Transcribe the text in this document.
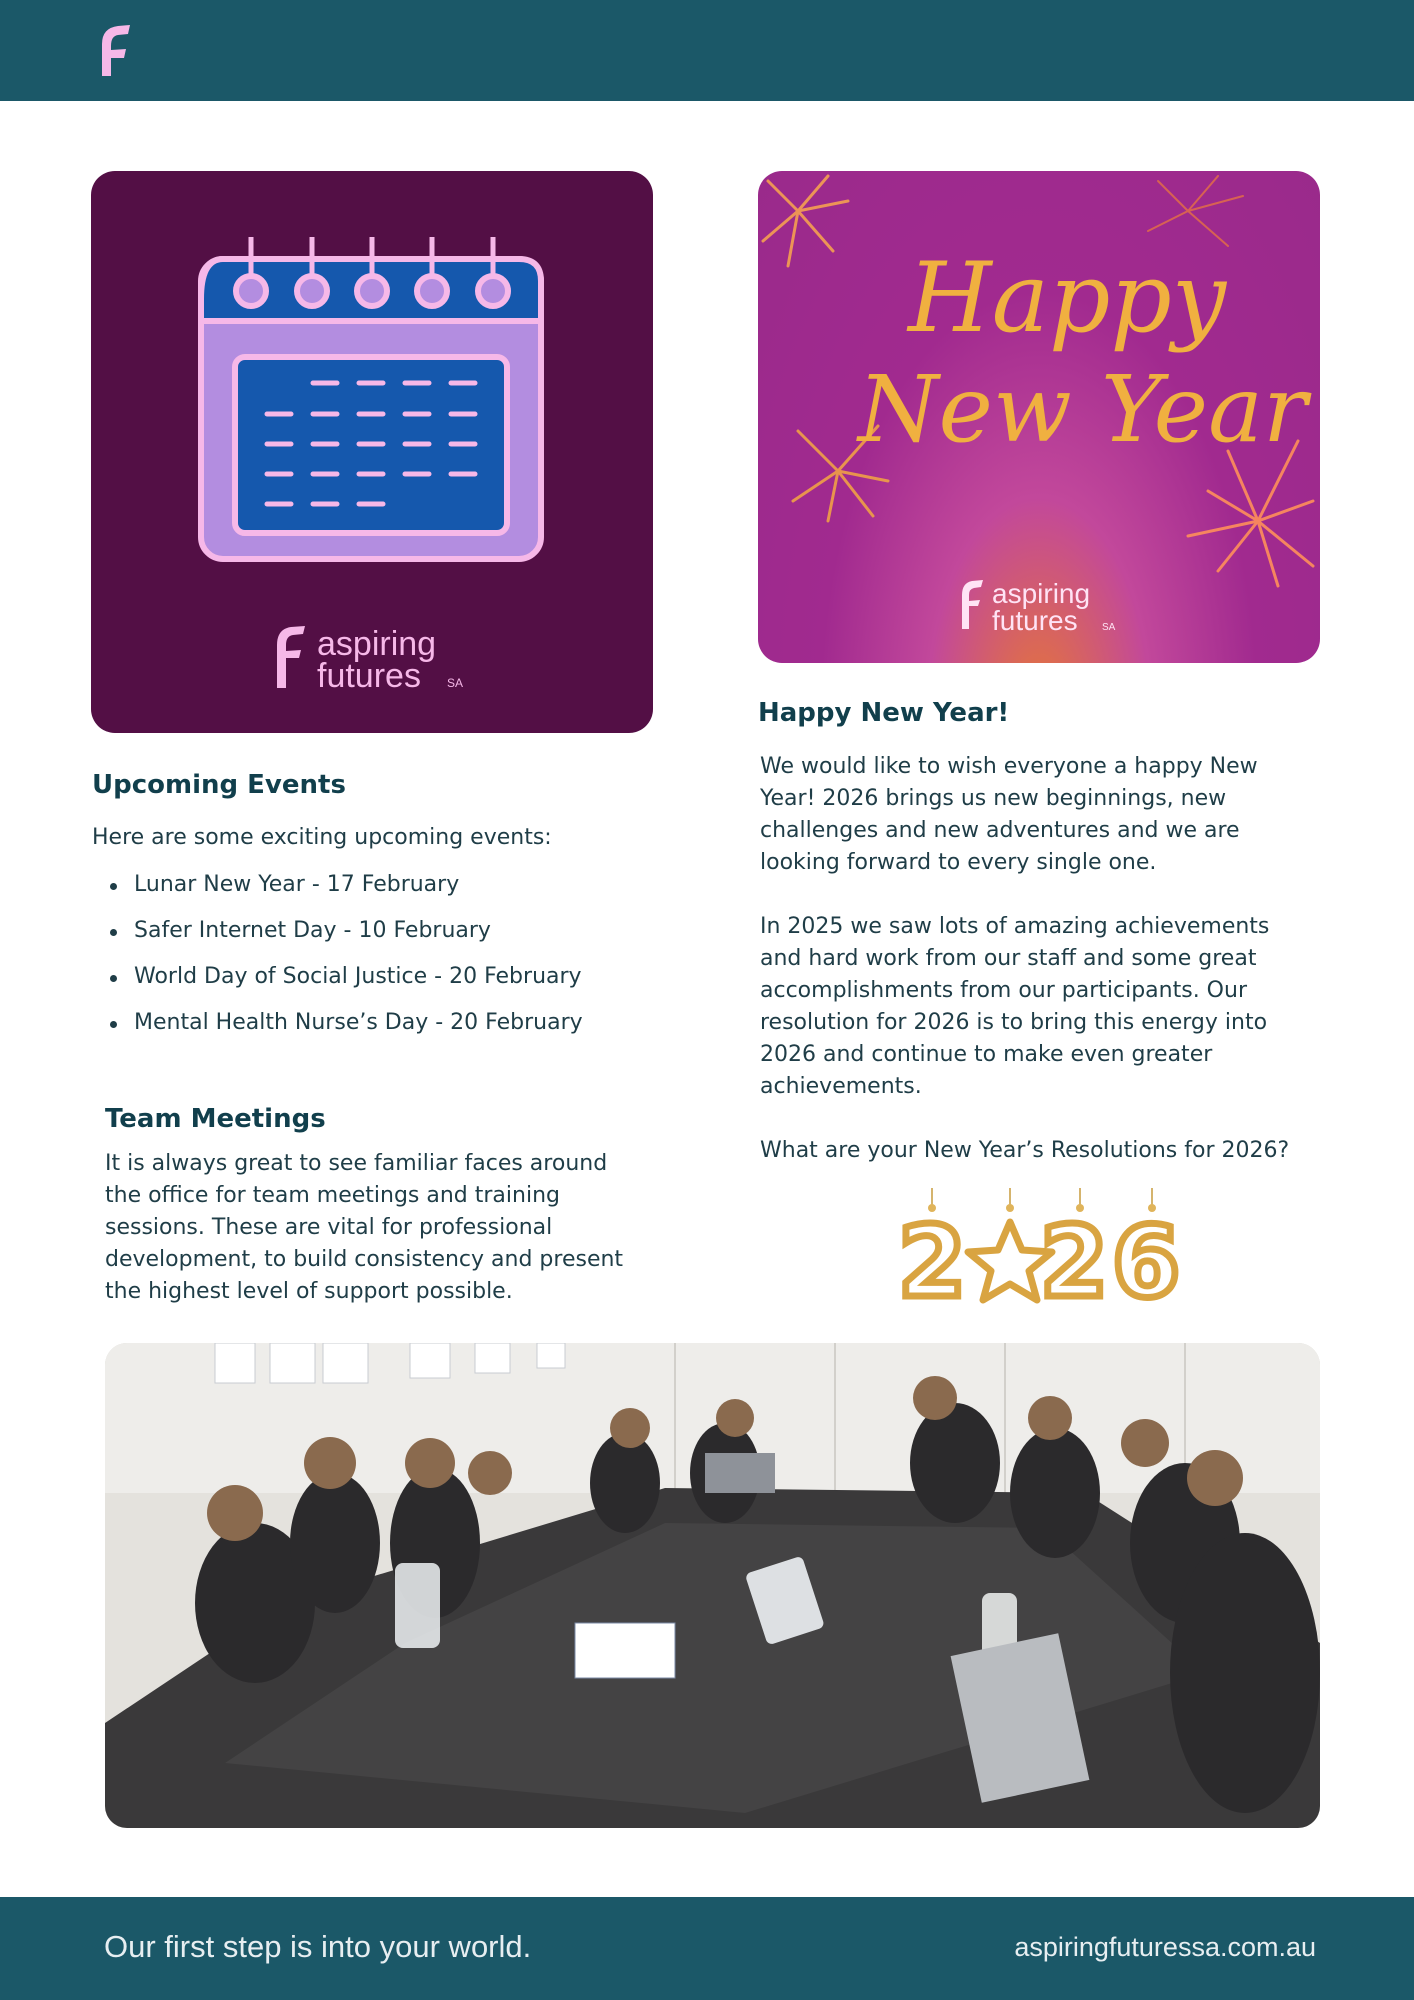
aspiring
futures SA
Happy
New Year
aspiring
futures SA
Upcoming Events
Here are some exciting upcoming events:
Lunar New Year - 17 February
Safer Internet Day - 10 February
World Day of Social Justice - 20 February
Mental Health Nurse’s Day - 20 February
Team Meetings
It is always great to see familiar faces around
the office for team meetings and training
sessions. These are vital for professional
development, to build consistency and present
the highest level of support possible.
Happy New Year!
We would like to wish everyone a happy New
Year! 2026 brings us new beginnings, new
challenges and new adventures and we are
looking forward to every single one.
In 2025 we saw lots of amazing achievements
and hard work from our staff and some great
accomplishments from our participants. Our
resolution for 2026 is to bring this energy into
2026 and continue to make even greater
achievements.
What are your New Year’s Resolutions for 2026?
2 2 6
Our first step is into your world.	aspiringfuturessa.com.au
